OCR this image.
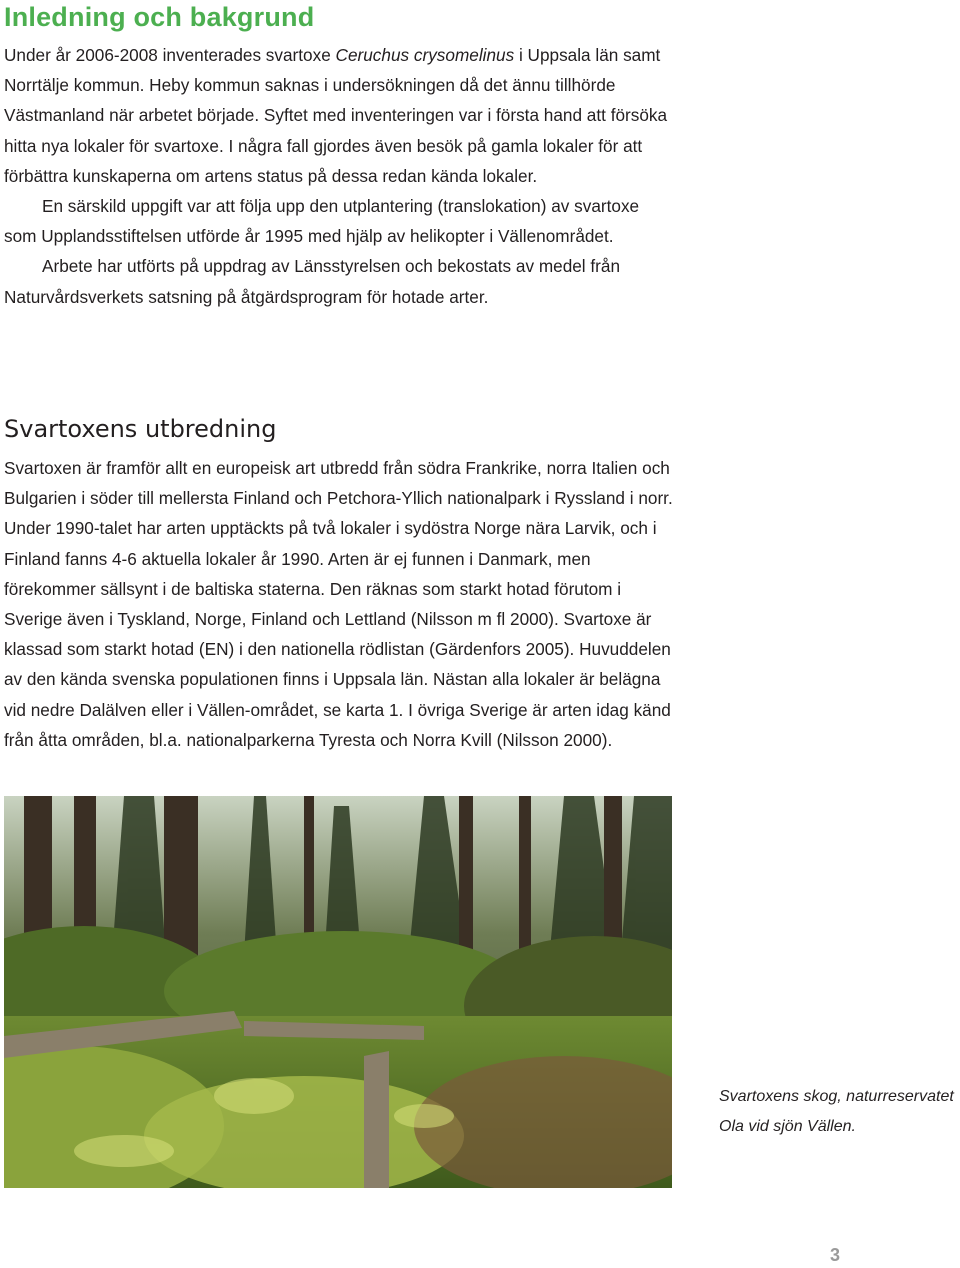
Inledning och bakgrund

Under år 2006-2008 inventerades svartoxe Ceruchus crysomelinus i Uppsala län samt Norrtälje kommun. Heby kommun saknas i undersökningen då det ännu tillhörde Västmanland när arbetet började. Syftet med inventeringen var i första hand att försöka hitta nya lokaler för svartoxe. I några fall gjordes även besök på gamla lokaler för att förbättra kunskaperna om artens status på dessa redan kända lokaler.

En särskild uppgift var att följa upp den utplantering (translokation) av svartoxe som Upplandsstiftelsen utförde år 1995 med hjälp av helikopter i Vällenområdet.

Arbete har utförts på uppdrag av Länsstyrelsen och bekostats av medel från Naturvårdsverkets satsning på åtgärdsprogram för hotade arter.

Svartoxens utbredning

Svartoxen är framför allt en europeisk art utbredd från södra Frankrike, norra Italien och Bulgarien i söder till mellersta Finland och Petchora-Yllich nationalpark i Ryssland i norr. Under 1990-talet har arten upptäckts på två lokaler i sydöstra Norge nära Larvik, och i Finland fanns 4-6 aktuella lokaler år 1990. Arten är ej funnen i Danmark, men förekommer sällsynt i de baltiska staterna. Den räknas som starkt hotad förutom i Sverige även i Tyskland, Norge, Finland och Lettland (Nilsson m fl 2000). Svartoxe är klassad som starkt hotad (EN) i den nationella rödlistan (Gärdenfors 2005). Huvuddelen av den kända svenska populationen finns i Uppsala län. Nästan alla lokaler är belägna vid nedre Dalälven eller i Vällen-området, se karta 1. I övriga Sverige är arten idag känd från åtta områden, bl.a. nationalparkerna Tyresta och Norra Kvill (Nilsson 2000).

Svartoxens skog, naturreservatet Ola vid sjön Vällen.

3
